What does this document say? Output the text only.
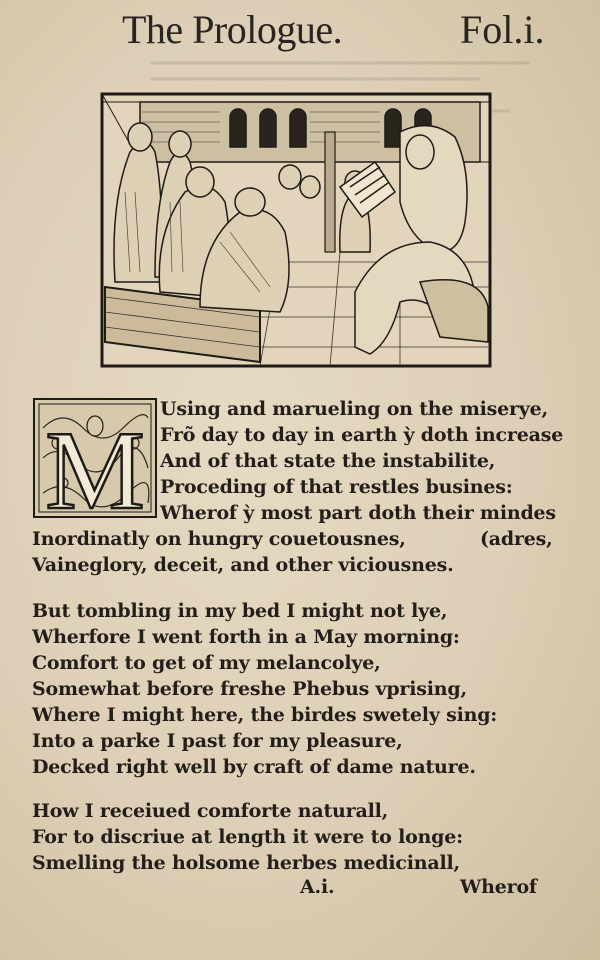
The Prologue.	Fol.i.
M Using and marueling on the miserye,
Frõ day to day in earth ỳ doth increase
And of that state the instabilite,
Proceding of that restles busines:
Wherof ỳ most part doth their mindes
Inordinatly on hungry couetousnes,	(adres,
Vaineglory, deceit, and other viciousnes.
But tombling in my bed I might not lye,
Wherfore I went forth in a May morning:
Comfort to get of my melancolye,
Somewhat before freshe Phebus vprising,
Where I might here, the birdes swetely sing:
Into a parke I past for my pleasure,
Decked right well by craft of dame nature.
How I receiued comforte naturall,
For to discriue at length it were to longe:
Smelling the holsome herbes medicinall,
A.i.	Wherof
